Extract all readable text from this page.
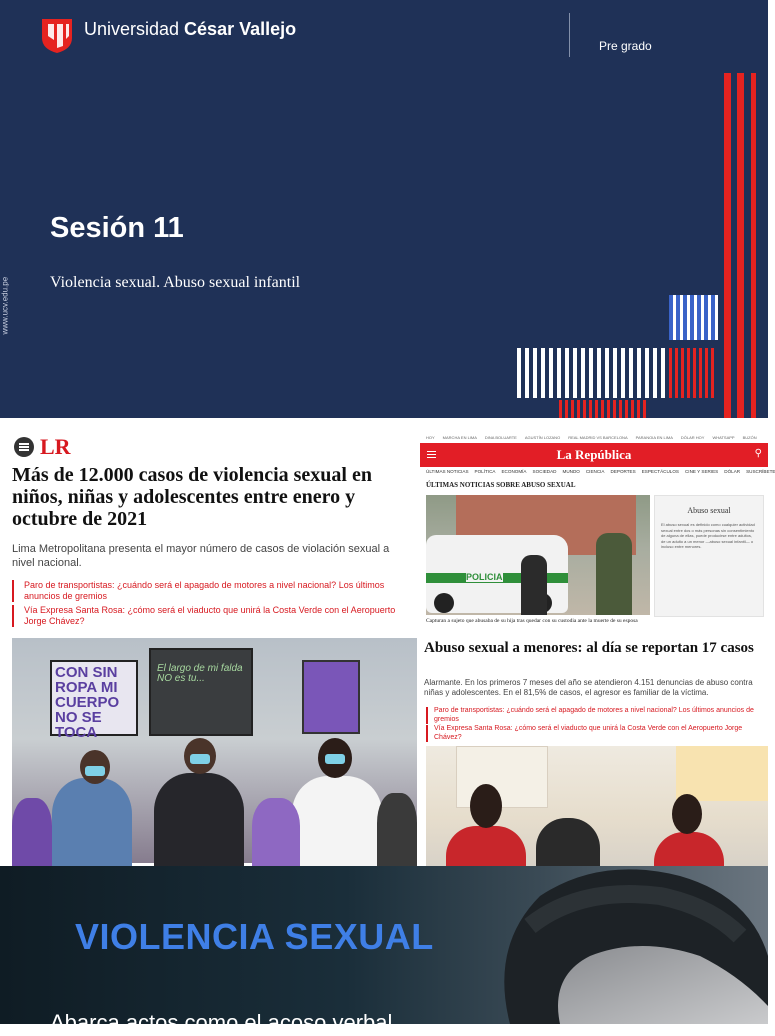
Universidad César Vallejo
Pre grado
Sesión 11
Violencia sexual. Abuso sexual infantil
www.ucv.edu.pe
LR
Más de 12.000 casos de violencia sexual en niños, niñas y adolescentes entre enero y octubre de 2021
Lima Metropolitana presenta el mayor número de casos de violación sexual a nivel nacional.
Paro de transportistas: ¿cuándo será el apagado de motores a nivel nacional? Los últimos anuncios de gremios
Vía Expresa Santa Rosa: ¿cómo será el viaducto que unirá la Costa Verde con el Aeropuerto Jorge Chávez?
CON SIN ROPA MI CUERPO NO SE TOCA
El largo de mi falda NO es tu...
HOY MARCHA EN LIMA DINA BOLUARTE AGUSTÍN LOZANO REAL MADRID VS BARCELONA PARANOIA EN LIMA DÓLAR HOY WHATSAPP BUZÓN
La República	⚲
ÚLTIMAS NOTICIAS POLÍTICA ECONOMÍA SOCIEDAD MUNDO CIENCIA DEPORTES ESPECTÁCULOS CINE Y SERIES DÓLAR SUSCRÍBETE
ÚLTIMAS NOTICIAS SOBRE ABUSO SEXUAL
POLICIA
Capturan a sujeto que abusaba de su hija tras quedar con su custodia ante la muerte de su esposa
Abuso sexual
El abuso sexual es definido como cualquier actividad sexual entre dos o más personas sin consentimiento de alguna de ellas, puede producirse entre adultos, de un adulto a un menor —abuso sexual infantil— o incluso entre menores.
Abuso sexual a menores: al día se reportan 17 casos
Alarmante. En los primeros 7 meses del año se atendieron 4.151 denuncias de abuso contra niñas y adolescentes. En el 81,5% de casos, el agresor es familiar de la víctima.
Paro de transportistas: ¿cuándo será el apagado de motores a nivel nacional? Los últimos anuncios de gremios
Vía Expresa Santa Rosa: ¿cómo será el viaducto que unirá la Costa Verde con el Aeropuerto Jorge Chávez?
VIOLENCIA SEXUAL
Abarca actos como el acoso verbal
